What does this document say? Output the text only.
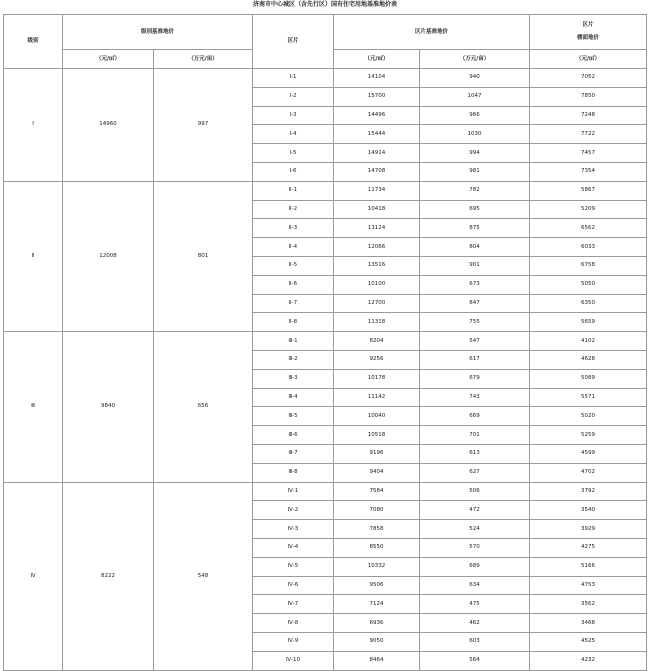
济南市中心城区（含先行区）国有住宅用地基准地价表
级别	级别基准地价		区片	区片基准地价		区片
楼面地价

	（元/㎡）	（万元/亩）		（元/㎡）	（万元/亩）	（元/㎡）
Ⅰ	14960	997	Ⅰ-1	14104	940	7052
			Ⅰ-2	15700	1047	7850
			Ⅰ-3	14496	966	7248
			Ⅰ-4	15444	1030	7722
			Ⅰ-5	14914	994	7457
			Ⅰ-6	14708	981	7354
Ⅱ	12008	801	Ⅱ-1	11734	782	5867
			Ⅱ-2	10418	695	5209
			Ⅱ-3	13124	875	6562
			Ⅱ-4	12066	804	6033
			Ⅱ-5	13516	901	6758
			Ⅱ-6	10100	673	5050
			Ⅱ-7	12700	847	6350
			Ⅱ-8	11318	755	5659
Ⅲ	9840	656	Ⅲ-1	8204	547	4102
			Ⅲ-2	9256	617	4628
			Ⅲ-3	10178	679	5089
			Ⅲ-4	11142	743	5571
			Ⅲ-5	10040	669	5020
			Ⅲ-6	10518	701	5259
			Ⅲ-7	9196	613	4599
			Ⅲ-8	9404	627	4702
Ⅳ	8222	548	Ⅳ-1	7584	506	3792
			Ⅳ-2	7080	472	3540
			Ⅳ-3	7858	524	3929
			Ⅳ-4	8550	570	4275
			Ⅳ-5	10332	689	5166
			Ⅳ-6	9506	634	4753
			Ⅳ-7	7124	475	3562
			Ⅳ-8	6936	462	3468
			Ⅳ-9	9050	603	4525
			Ⅳ-10	8464	564	4232
